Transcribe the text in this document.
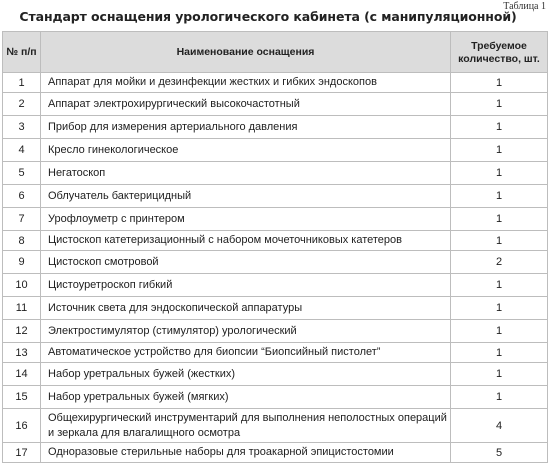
Таблица 1
Стандарт оснащения урологического кабинета (с манипуляционной)
№ п/п	Наименование оснащения	Требуемое количество, шт.
1	Аппарат для мойки и дезинфекции жестких и гибких эндоскопов	1
2	Аппарат электрохирургический высокочастотный	1
3	Прибор для измерения артериального давления	1
4	Кресло гинекологическое	1
5	Негатоскоп	1
6	Облучатель бактерицидный	1
7	Урофлоуметр с принтером	1
8	Цистоскоп катетеризационный с набором мочеточниковых катетеров	1
9	Цистоскоп смотровой	2
10	Цистоуретроскоп гибкий	1
11	Источник света для эндоскопической аппаратуры	1
12	Электростимулятор (стимулятор) урологический	1
13	Автоматическое устройство для биопсии “Биопсийный пистолет”	1
14	Набор уретральных бужей (жестких)	1
15	Набор уретральных бужей (мягких)	1
16	Общехирургический инструментарий для выполнения неполостных операций и зеркала для влагалищного осмотра	4
17	Одноразовые стерильные наборы для троакарной эпицистостомии	5
